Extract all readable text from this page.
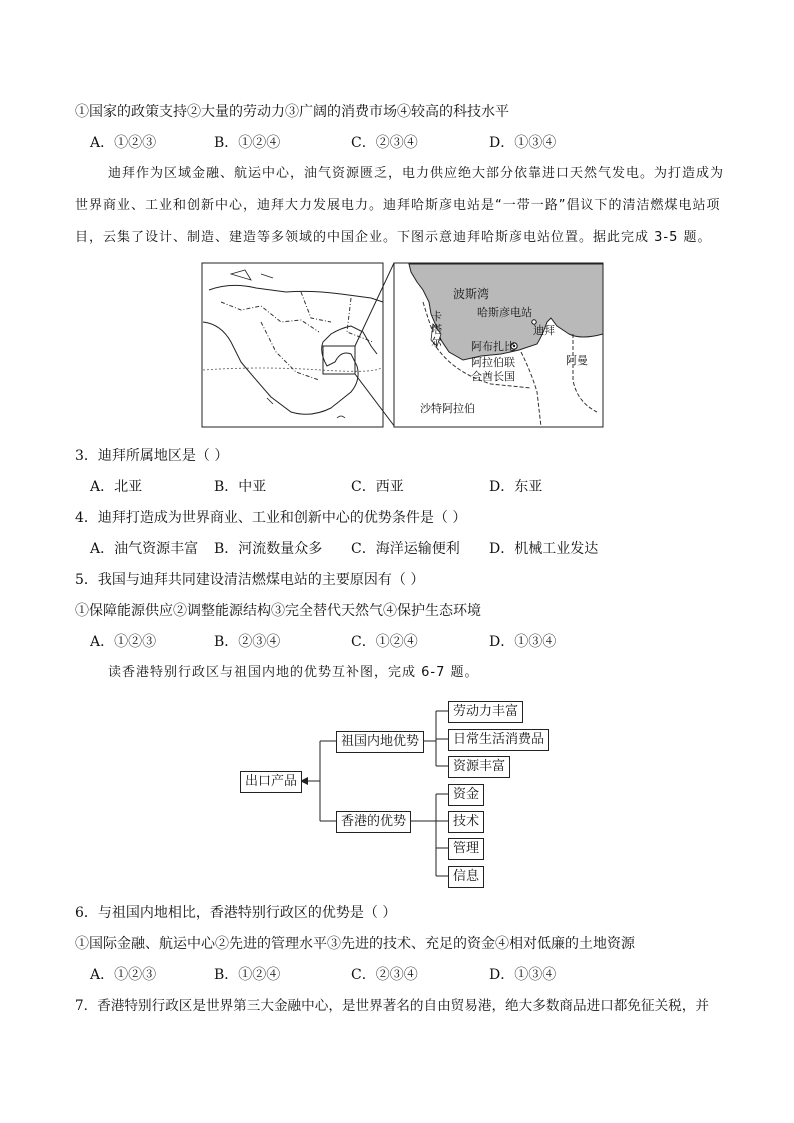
①国家的政策支持②大量的劳动力③广阔的消费市场④较高的科技水平
A．①②③	B．①②④	C．②③④	D．①③④
迪拜作为区域金融、航运中心，油气资源匮乏，电力供应绝大部分依靠进口天然气发电。为打造成为
世界商业、工业和创新中心，迪拜大力发展电力。迪拜哈斯彦电站是“一带一路”倡议下的清洁燃煤电站项
目，云集了设计、制造、建造等多领域的中国企业。下图示意迪拜哈斯彦电站位置。据此完成 3-5 题。
波斯湾
哈斯彦电站
迪拜
阿布扎比
阿拉伯联
合酋长国
阿曼
沙特阿拉伯
卡塔尔
3．迪拜所属地区是（ ）
A．北亚	B．中亚	C．西亚	D．东亚
4．迪拜打造成为世界商业、工业和创新中心的优势条件是（ ）
A．油气资源丰富 B．河流数量众多 C．海洋运输便利 D．机械工业发达
5．我国与迪拜共同建设清洁燃煤电站的主要原因有（ ）
①保障能源供应②调整能源结构③完全替代天然气④保护生态环境
A．①②③	B．②③④	C．①②④	D．①③④
读香港特别行政区与祖国内地的优势互补图，完成 6-7 题。
出口产品
祖国内地优势
香港的优势
劳动力丰富
日常生活消费品
资源丰富
资金
技术
管理
信息
6．与祖国内地相比，香港特别行政区的优势是（ ）
①国际金融、航运中心②先进的管理水平③先进的技术、充足的资金④相对低廉的土地资源
A．①②③	B．①②④	C．②③④	D．①③④
7．香港特别行政区是世界第三大金融中心，是世界著名的自由贸易港，绝大多数商品进口都免征关税，并
